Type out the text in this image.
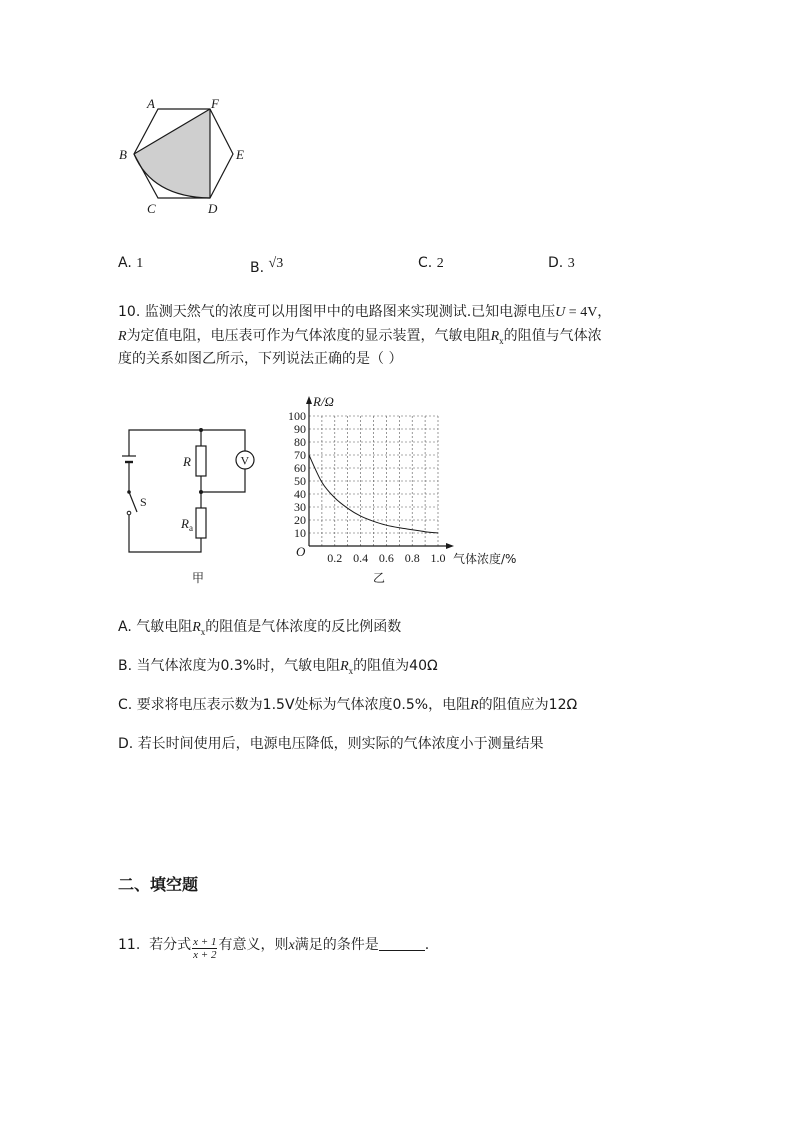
A	F
B	E
C	D
A. 1	B. √3	C. 2	D. 3
10. 监测天然气的浓度可以用图甲中的电路图来实现测试.已知电源电压U = 4V，
R为定值电阻，电压表可作为气体浓度的显示装置，气敏电阻$R_x$的阻值与气体浓
度的关系如图乙所示，下列说法正确的是（ ）
R
$R_a$
V
S
甲
10
20
30
40
50
60
70
80
90
100
0.2 0.4 0.6 0.8 1.0
R/Ω
气体浓度/%
O
乙
A. 气敏电阻$R_x$的阻值是气体浓度的反比例函数
B. 当气体浓度为0.3%时，气敏电阻$R_x$的阻值为40Ω
C. 要求将电压表示数为1.5V处标为气体浓度0.5%，电阻R的阻值应为12Ω
D. 若长时间使用后，电源电压降低，则实际的气体浓度小于测量结果
二、填空题
11. 若分式 $\frac{x + 1}{x + 2}$ 有意义，则x满足的条件是	.
